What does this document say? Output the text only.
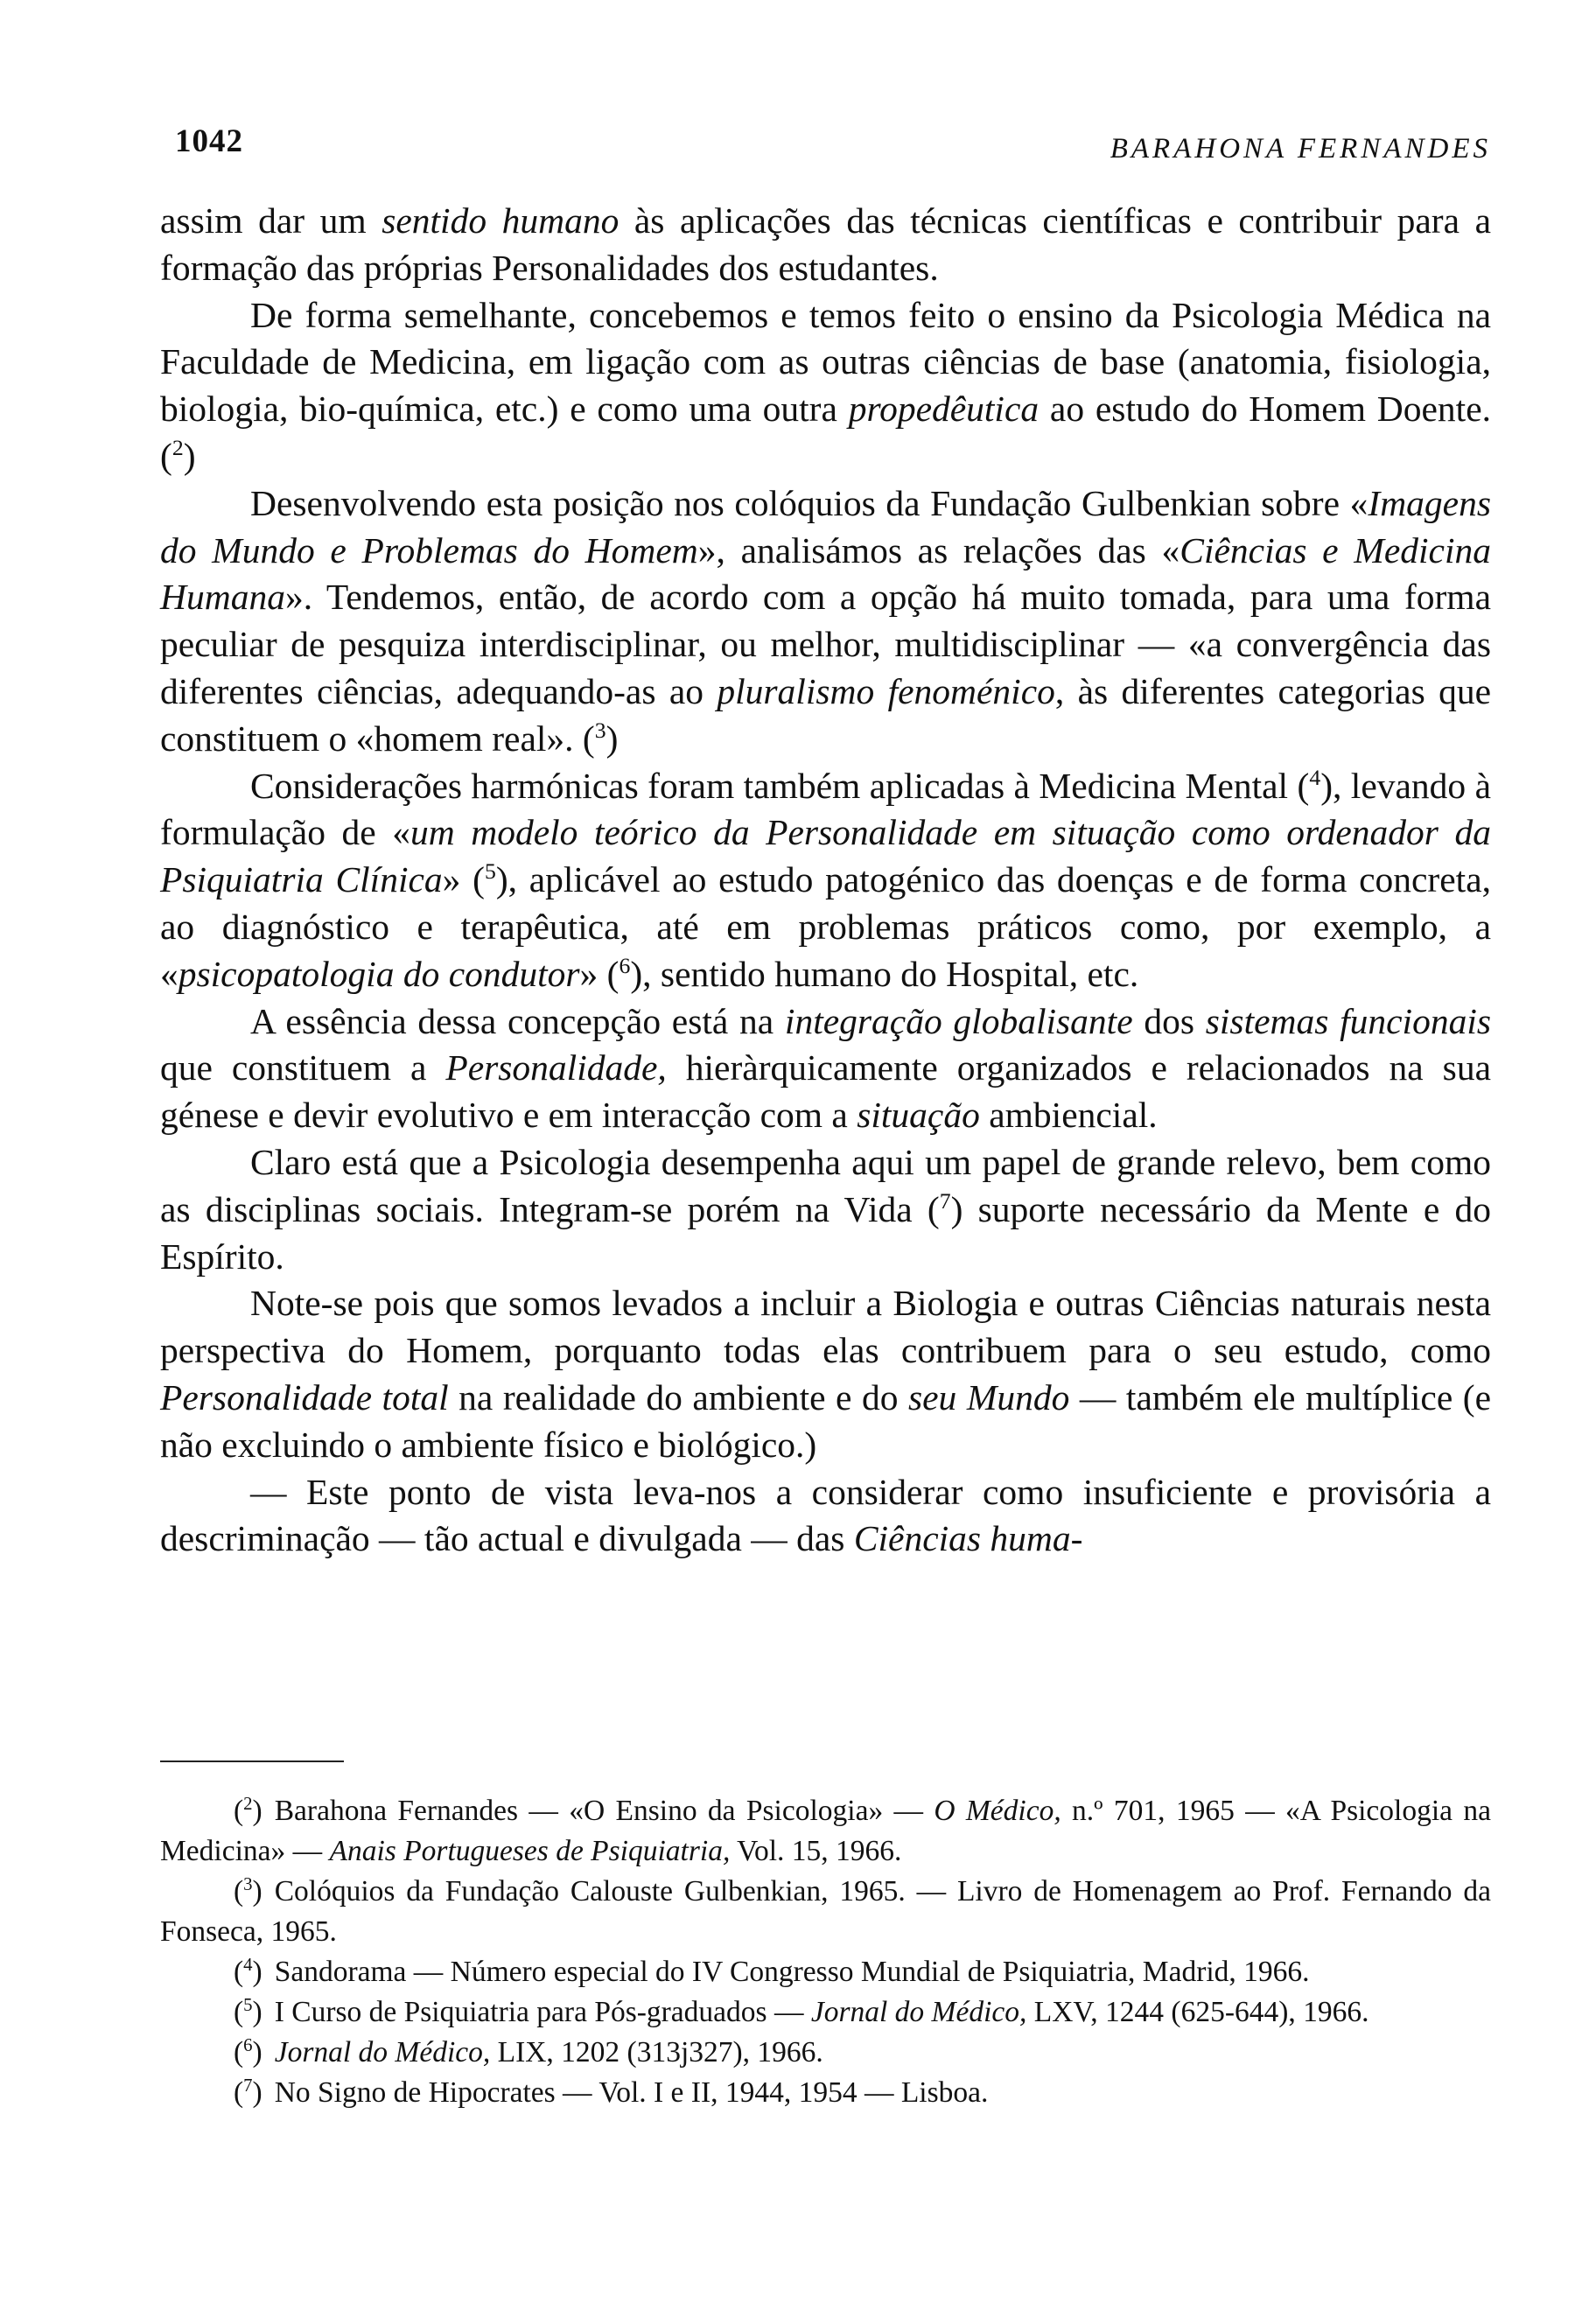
1042	BARAHONA FERNANDES

assim dar um sentido humano às aplicações das técnicas científicas e contribuir para a formação das próprias Personalidades dos estudantes.

De forma semelhante, concebemos e temos feito o ensino da Psicologia Médica na Faculdade de Medicina, em ligação com as outras ciências de base (anatomia, fisiologia, biologia, bio-química, etc.) e como uma outra propedêutica ao estudo do Homem Doente. ($^2$)

Desenvolvendo esta posição nos colóquios da Fundação Gulbenkian sobre «Imagens do Mundo e Problemas do Homem», analisámos as relações das «Ciências e Medicina Humana». Tendemos, então, de acordo com a opção há muito tomada, para uma forma peculiar de pesquiza interdisciplinar, ou melhor, multidisciplinar — «a convergência das diferentes ciências, adequando-as ao pluralismo fenoménico, às diferentes categorias que constituem o «homem real». ($^3$)

Considerações harmónicas foram também aplicadas à Medicina Mental ($^4$), levando à formulação de «um modelo teórico da Personalidade em situação como ordenador da Psiquiatria Clínica» ($^5$), aplicável ao estudo patogénico das doenças e de forma concreta, ao diagnóstico e terapêutica, até em problemas práticos como, por exemplo, a «psicopatologia do condutor» ($^6$), sentido humano do Hospital, etc.

A essência dessa concepção está na integração globalisante dos sistemas funcionais que constituem a Personalidade, hieràrquicamente organizados e relacionados na sua génese e devir evolutivo e em interacção com a situação ambiencial.

Claro está que a Psicologia desempenha aqui um papel de grande relevo, bem como as disciplinas sociais. Integram-se porém na Vida ($^7$) suporte necessário da Mente e do Espírito.

Note-se pois que somos levados a incluir a Biologia e outras Ciências naturais nesta perspectiva do Homem, porquanto todas elas contribuem para o seu estudo, como Personalidade total na realidade do ambiente e do seu Mundo — também ele multíplice (e não excluindo o ambiente físico e biológico.)

— Este ponto de vista leva-nos a considerar como insuficiente e provisória a descriminação — tão actual e divulgada — das Ciências huma-

($^2$) Barahona Fernandes — «O Ensino da Psicologia» — O Médico, n.º 701, 1965 — «A Psicologia na Medicina» — Anais Portugueses de Psiquiatria, Vol. 15, 1966.

($^3$) Colóquios da Fundação Calouste Gulbenkian, 1965. — Livro de Homenagem ao Prof. Fernando da Fonseca, 1965.

($^4$) Sandorama — Número especial do IV Congresso Mundial de Psiquiatria, Madrid, 1966.

($^5$) I Curso de Psiquiatria para Pós-graduados — Jornal do Médico, LXV, 1244 (625-644), 1966.

($^6$) Jornal do Médico, LIX, 1202 (313j327), 1966.

($^7$) No Signo de Hipocrates — Vol. I e II, 1944, 1954 — Lisboa.
